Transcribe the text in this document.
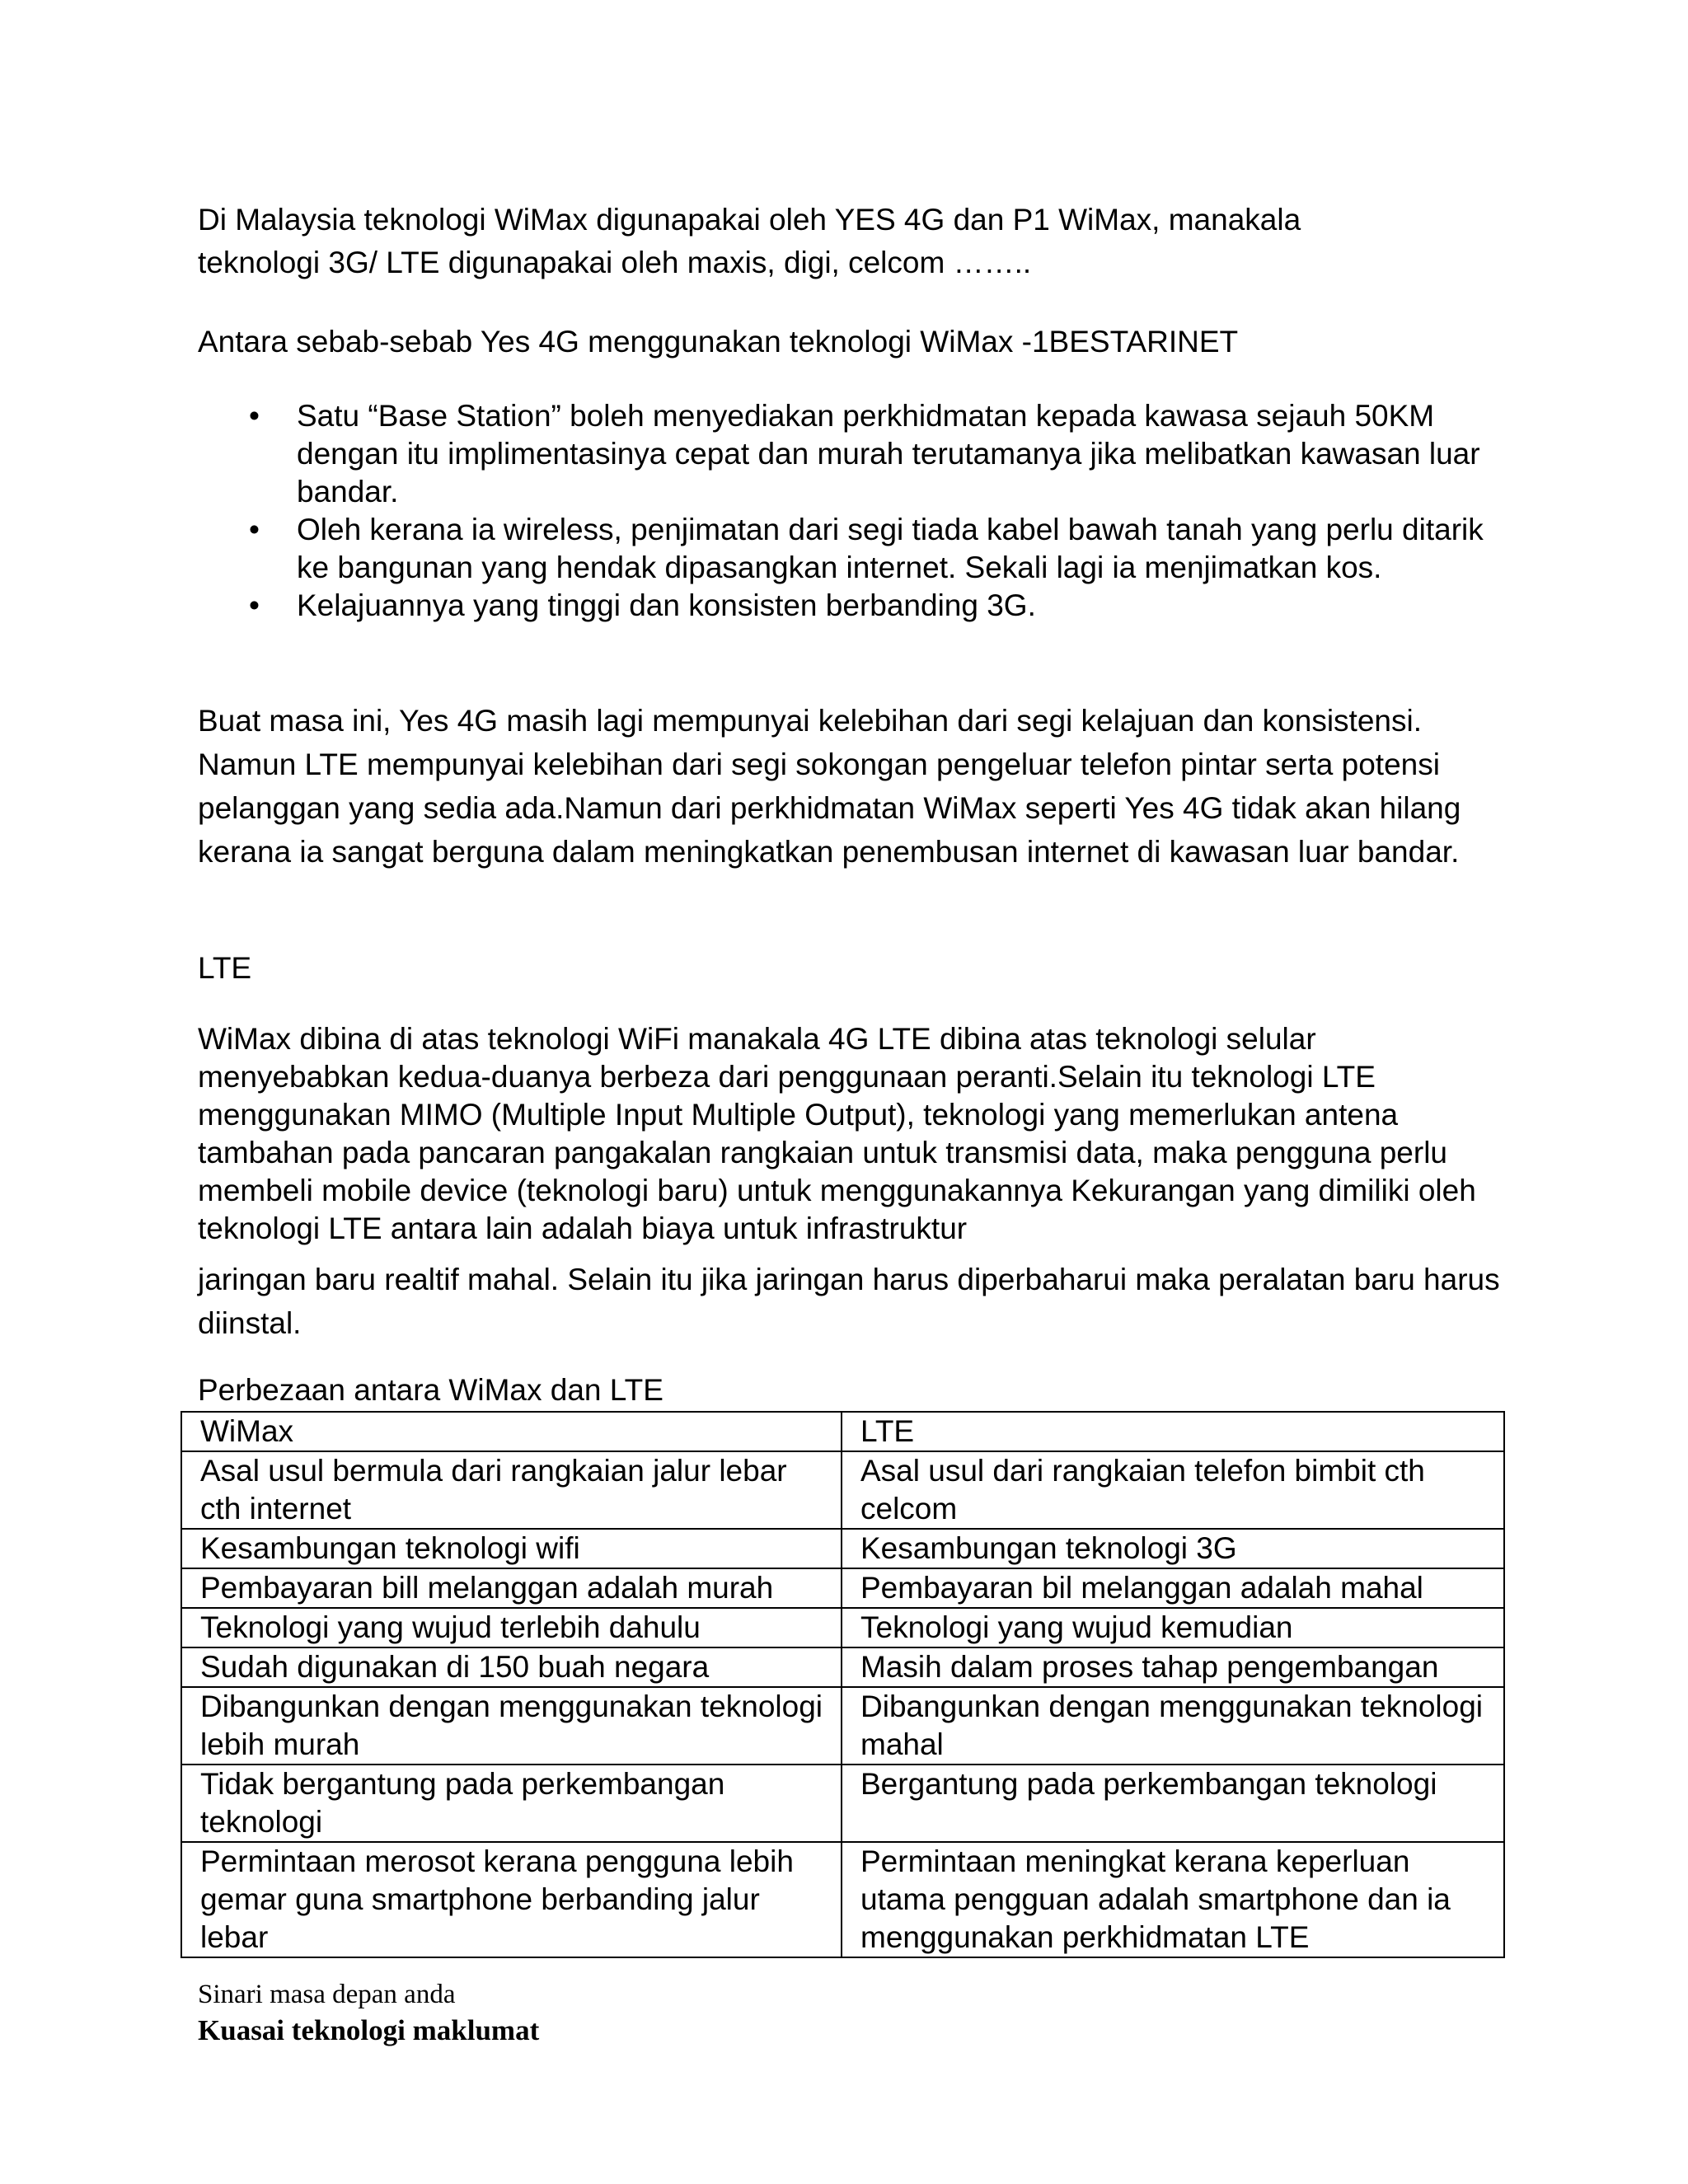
Di Malaysia teknologi WiMax digunapakai oleh YES 4G dan P1 WiMax, manakala

teknologi 3G/ LTE digunapakai oleh maxis, digi, celcom ……..

Antara sebab-sebab Yes 4G menggunakan teknologi WiMax -1BESTARINET

• Satu “Base Station” boleh menyediakan perkhidmatan kepada kawasa sejauh 50KM dengan itu implimentasinya cepat dan murah terutamanya jika melibatkan kawasan luar bandar.
• Oleh kerana ia wireless, penjimatan dari segi tiada kabel bawah tanah yang perlu ditarik ke bangunan yang hendak dipasangkan internet. Sekali lagi ia menjimatkan kos.
• Kelajuannya yang tinggi dan konsisten berbanding 3G.

Buat masa ini, Yes 4G masih lagi mempunyai kelebihan dari segi kelajuan dan konsistensi. Namun LTE mempunyai kelebihan dari segi sokongan pengeluar telefon pintar serta potensi pelanggan yang sedia ada.Namun dari perkhidmatan WiMax seperti Yes 4G tidak akan hilang kerana ia sangat berguna dalam meningkatkan penembusan internet di kawasan luar bandar.

LTE

WiMax dibina di atas teknologi WiFi manakala 4G LTE dibina atas teknologi selular menyebabkan kedua-duanya berbeza dari penggunaan peranti.Selain itu teknologi LTE menggunakan MIMO (Multiple Input Multiple Output), teknologi yang memerlukan antena tambahan pada pancaran pangakalan rangkaian untuk transmisi data, maka pengguna perlu membeli mobile device (teknologi baru) untuk menggunakannya Kekurangan yang dimiliki oleh teknologi LTE antara lain adalah biaya untuk infrastruktur

jaringan baru realtif mahal. Selain itu jika jaringan harus diperbaharui maka peralatan baru harus diinstal.

Perbezaan antara WiMax dan LTE

WiMax	LTE
Asal usul bermula dari rangkaian jalur lebar cth internet	Asal usul dari rangkaian telefon bimbit cth celcom
Kesambungan teknologi wifi	Kesambungan teknologi 3G
Pembayaran bill melanggan adalah murah	Pembayaran bil melanggan adalah mahal
Teknologi yang wujud terlebih dahulu	Teknologi yang wujud kemudian
Sudah digunakan di 150 buah negara	Masih dalam proses tahap pengembangan
Dibangunkan dengan menggunakan teknologi lebih murah	Dibangunkan dengan menggunakan teknologi mahal
Tidak bergantung pada perkembangan teknologi	Bergantung pada perkembangan teknologi
Permintaan merosot kerana pengguna lebih gemar guna smartphone berbanding jalur lebar	Permintaan meningkat kerana keperluan utama pengguan adalah smartphone dan ia menggunakan perkhidmatan LTE

Sinari masa depan anda

Kuasai teknologi maklumat
